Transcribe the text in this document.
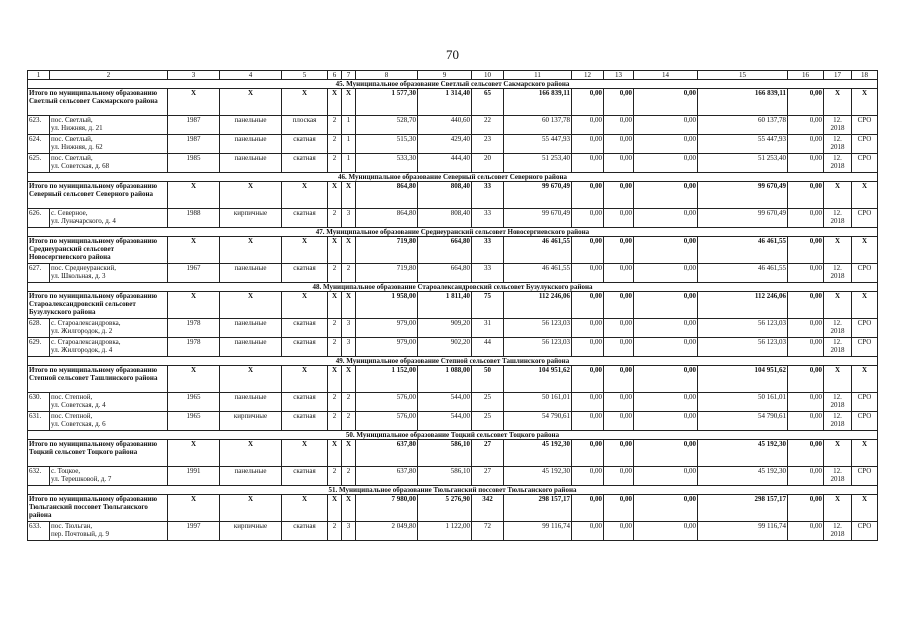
70
1	2	3	4	5	6	7	8	9	10	11	12	13	14	15	16	17	18
45. Муниципальное образование Светлый сельсовет Сакмарского района																	
Итого по муниципальному образованию Светлый сельсовет Сакмарского района		X	X	X	X	X	1 577,30	1 314,40	65	166 839,11	0,00	0,00	0,00	166 839,11	0,00	X	X
623.	пос. Светлый,
ул. Нижняя, д. 21	1987	панельные	плоская	2	1	528,70	440,60	22	60 137,78	0,00	0,00	0,00	60 137,78	0,00	12.
2018	СРО
624.	пос. Светлый,
ул. Нижняя, д. 62	1987	панельные	скатная	2	1	515,30	429,40	23	55 447,93	0,00	0,00	0,00	55 447,93	0,00	12.
2018	СРО
625.	пос. Светлый,
ул. Советская, д. 68	1985	панельные	скатная	2	1	533,30	444,40	20	51 253,40	0,00	0,00	0,00	51 253,40	0,00	12.
2018	СРО
46. Муниципальное образование Северный сельсовет Северного района																	
Итого по муниципальному образованию Северный сельсовет Северного района		X	X	X	X	X	864,80	808,40	33	99 670,49	0,00	0,00	0,00	99 670,49	0,00	X	X
626.	с. Северное,
ул. Луначарского, д. 4	1988	кирпичные	скатная	2	3	864,80	808,40	33	99 670,49	0,00	0,00	0,00	99 670,49	0,00	12.
2018	СРО
47. Муниципальное образование Среднеуранский сельсовет Новосергиевского района																	
Итого по муниципальному образованию Среднеуранский сельсовет Новосергиевского района		X	X	X	X	X	719,80	664,80	33	46 461,55	0,00	0,00	0,00	46 461,55	0,00	X	X
627.	пос. Среднеуранский,
ул. Школьная, д. 3	1967	панельные	скатная	2	2	719,80	664,80	33	46 461,55	0,00	0,00	0,00	46 461,55	0,00	12.
2018	СРО
48. Муниципальное образование Староалександровский сельсовет Бузулукского района																	
Итого по муниципальному образованию Староалександровский сельсовет Бузулукского района		X	X	X	X	X	1 958,00	1 811,40	75	112 246,06	0,00	0,00	0,00	112 246,06	0,00	X	X
628.	с. Староалександровка,
ул. Жилгородок, д. 2	1978	панельные	скатная	2	3	979,00	909,20	31	56 123,03	0,00	0,00	0,00	56 123,03	0,00	12.
2018	СРО
629.	с. Староалександровка,
ул. Жилгородок, д. 4	1978	панельные	скатная	2	3	979,00	902,20	44	56 123,03	0,00	0,00	0,00	56 123,03	0,00	12.
2018	СРО
49. Муниципальное образование Степной сельсовет Ташлинского района																	
Итого по муниципальному образованию Степной сельсовет Ташлинского района		X	X	X	X	X	1 152,00	1 088,00	50	104 951,62	0,00	0,00	0,00	104 951,62	0,00	X	X
630.	пос. Степной,
ул. Советская, д. 4	1965	панельные	скатная	2	2	576,00	544,00	25	50 161,01	0,00	0,00	0,00	50 161,01	0,00	12.
2018	СРО
631.	пос. Степной,
ул. Советская, д. 6	1965	кирпичные	скатная	2	2	576,00	544,00	25	54 790,61	0,00	0,00	0,00	54 790,61	0,00	12.
2018	СРО
50. Муниципальное образование Тоцкий сельсовет Тоцкого района																	
Итого по муниципальному образованию Тоцкий сельсовет Тоцкого района		X	X	X	X	X	637,80	586,10	27	45 192,30	0,00	0,00	0,00	45 192,30	0,00	X	X
632.	с. Тоцкое,
ул. Терешковой, д. 7	1991	панельные	скатная	2	2	637,80	586,10	27	45 192,30	0,00	0,00	0,00	45 192,30	0,00	12.
2018	СРО
51. Муниципальное образование Тюльганский поссовет Тюльганского района																	
Итого по муниципальному образованию Тюльганский поссовет Тюльганского района		X	X	X	X	X	7 980,00	5 276,90	342	298 157,17	0,00	0,00	0,00	298 157,17	0,00	X	X
633.	пос. Тюльган,
пер. Почтовый, д. 9	1997	кирпичные	скатная	2	3	2 049,80	1 122,00	72	99 116,74	0,00	0,00	0,00	99 116,74	0,00	12.
2018	СРО
